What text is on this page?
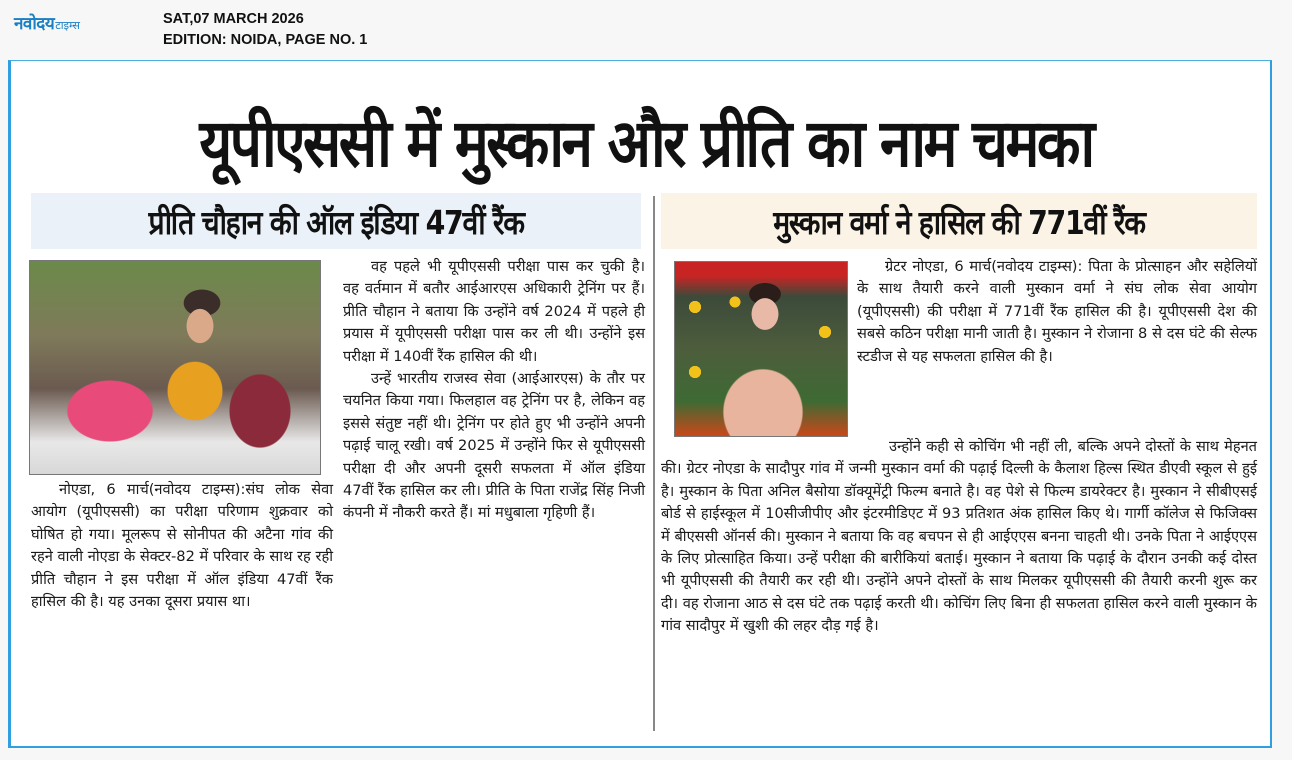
नवोदय टाइम्स	SAT,07 MARCH 2026
EDITION: NOIDA, PAGE NO. 1
यूपीएससी में मुस्कान और प्रीति का नाम चमका
प्रीति चौहान की ऑल इंडिया 47वीं रैंक	मुस्कान वर्मा ने हासिल की 771वीं रैंक

नोएडा, 6 मार्च(नवोदय टाइम्स):संघ लोक सेवा आयोग (यूपीएससी) का परीक्षा परिणाम शुक्रवार को घोषित हो गया। मूलरूप से सोनीपत की अटैना गांव की रहने वाली नोएडा के सेक्टर-82 में परिवार के साथ रह रही प्रीति चौहान ने इस परीक्षा में ऑल इंडिया 47वीं रैंक हासिल की है। यह उनका दूसरा प्रयास था।

वह पहले भी यूपीएससी परीक्षा पास कर चुकी है। वह वर्तमान में बतौर आईआरएस अधिकारी ट्रेनिंग पर हैं। प्रीति चौहान ने बताया कि उन्होंने वर्ष 2024 में पहले ही प्रयास में यूपीएससी परीक्षा पास कर ली थी। उन्होंने इस परीक्षा में 140वीं रैंक हासिल की थी।

उन्हें भारतीय राजस्व सेवा (आईआरएस) के तौर पर चयनित किया गया। फिलहाल वह ट्रेनिंग पर है, लेकिन वह इससे संतुष्ट नहीं थी। ट्रेनिंग पर होते हुए भी उन्होंने अपनी पढ़ाई चालू रखी। वर्ष 2025 में उन्होंने फिर से यूपीएससी परीक्षा दी और अपनी दूसरी सफलता में ऑल इंडिया 47वीं रैंक हासिल कर ली। प्रीति के पिता राजेंद्र सिंह निजी कंपनी में नौकरी करते हैं। मां मधुबाला गृहिणी हैं।

ग्रेटर नोएडा, 6 मार्च(नवोदय टाइम्स): पिता के प्रोत्साहन और सहेलियों के साथ तैयारी करने वाली मुस्कान वर्मा ने संघ लोक सेवा आयोग (यूपीएससी) की परीक्षा में 771वीं रैंक हासिल की है। यूपीएससी देश की सबसे कठिन परीक्षा मानी जाती है। मुस्कान ने रोजाना 8 से दस घंटे की सेल्फ स्टडीज से यह सफलता हासिल की है।

उन्होंने कही से कोचिंग भी नहीं ली, बल्कि अपने दोस्तों के साथ मेहनत की। ग्रेटर नोएडा के सादौपुर गांव में जन्मी मुस्कान वर्मा की पढ़ाई दिल्ली के कैलाश हिल्स स्थित डीएवी स्कूल से हुई है। मुस्कान के पिता अनिल बैसोया डॉक्यूमेंट्री फिल्म बनाते है। वह पेशे से फिल्म डायरेक्टर है। मुस्कान ने सीबीएसई बोर्ड से हाईस्कूल में 10सीजीपीए और इंटरमीडिएट में 93 प्रतिशत अंक हासिल किए थे। गार्गी कॉलेज से फिजिक्स में बीएससी ऑनर्स की। मुस्कान ने बताया कि वह बचपन से ही आईएएस बनना चाहती थी। उनके पिता ने आईएएस के लिए प्रोत्साहित किया। उन्हें परीक्षा की बारीकियां बताई। मुस्कान ने बताया कि पढ़ाई के दौरान उनकी कई दोस्त भी यूपीएससी की तैयारी कर रही थी। उन्होंने अपने दोस्तों के साथ मिलकर यूपीएससी की तैयारी करनी शुरू कर दी। वह रोजाना आठ से दस घंटे तक पढ़ाई करती थी। कोचिंग लिए बिना ही सफलता हासिल करने वाली मुस्कान के गांव सादौपुर में खुशी की लहर दौड़ गई है।
